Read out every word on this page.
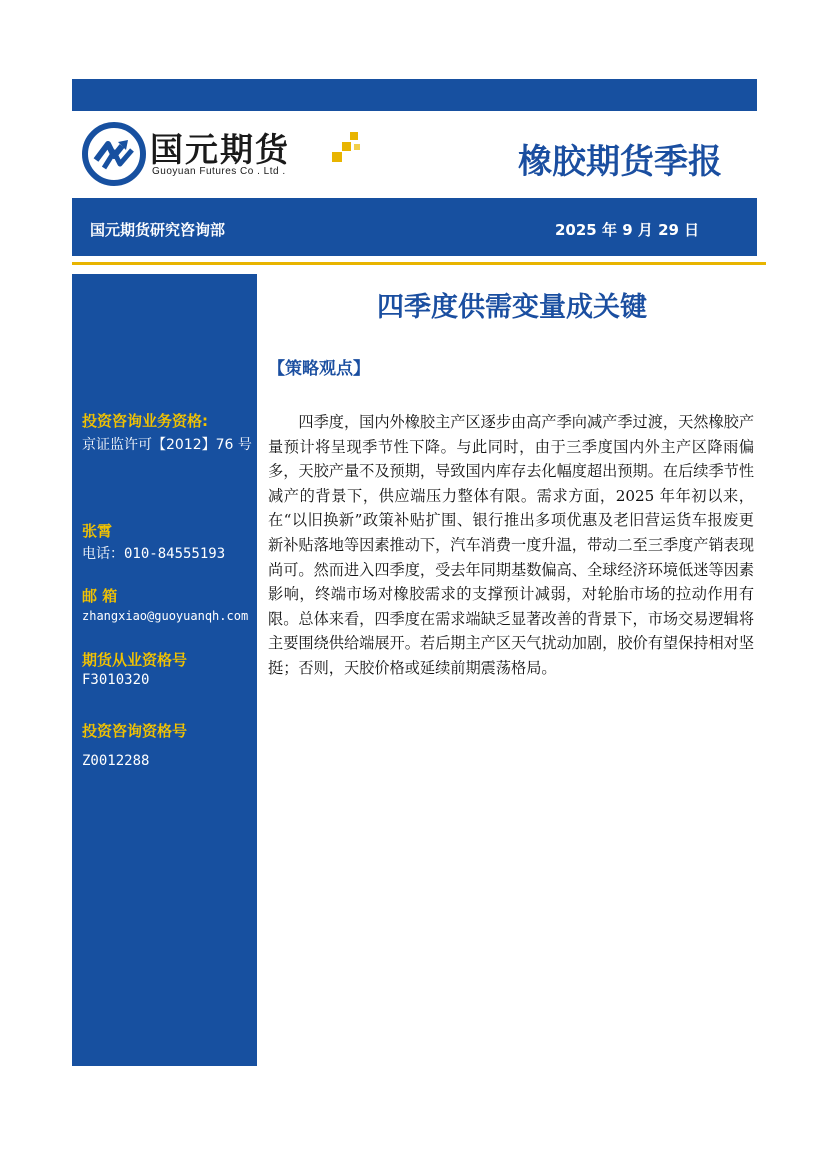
国元期货
Guoyuan Futures Co . Ltd .	橡胶期货季报
国元期货研究咨询部	2025 年 9 月 29 日
投资咨询业务资格:
京证监许可【2012】76 号
张霄
电话：010-84555193
邮 箱
zhangxiao@guoyuanqh.com
期货从业资格号
F3010320
投资咨询资格号
Z0012288
四季度供需变量成关键
【策略观点】
四季度，国内外橡胶主产区逐步由高产季向减产季过渡，天然橡胶产量预计将呈现季节性下降。与此同时，由于三季度国内外主产区降雨偏多，天胶产量不及预期，导致国内库存去化幅度超出预期。在后续季节性减产的背景下，供应端压力整体有限。需求方面，2025 年年初以来，在“以旧换新”政策补贴扩围、银行推出多项优惠及老旧营运货车报废更新补贴落地等因素推动下，汽车消费一度升温，带动二至三季度产销表现尚可。然而进入四季度，受去年同期基数偏高、全球经济环境低迷等因素影响，终端市场对橡胶需求的支撑预计减弱，对轮胎市场的拉动作用有限。总体来看，四季度在需求端缺乏显著改善的背景下，市场交易逻辑将主要围绕供给端展开。若后期主产区天气扰动加剧，胶价有望保持相对坚挺；否则，天胶价格或延续前期震荡格局。
